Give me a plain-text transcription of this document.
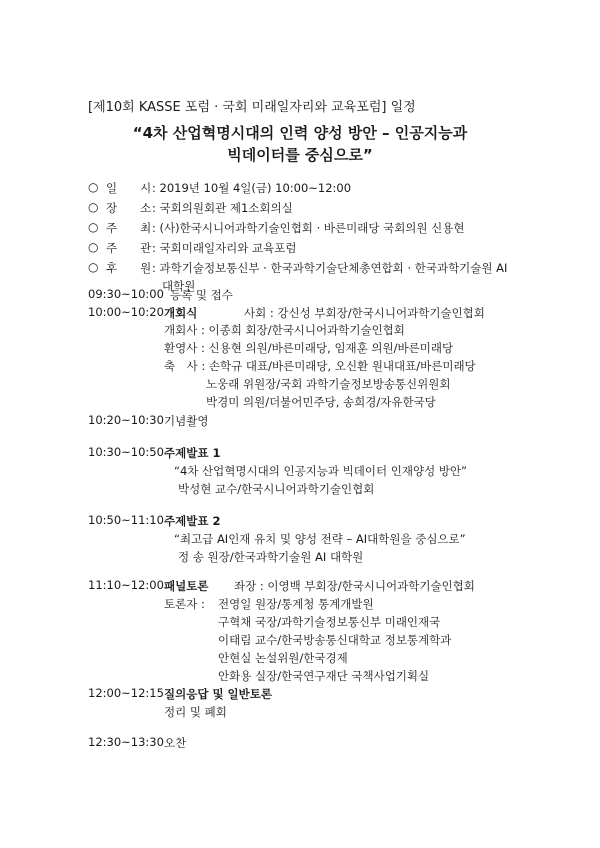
[제10회 KASSE 포럼 · 국회 미래일자리와 교육포럼] 일정
“4차 산업혁명시대의 인력 양성 방안 – 인공지능과
빅데이터를 중심으로”
○ 일　　시 : 2019년 10월 4일(금) 10:00~12:00
○ 장　　소 : 국회의원회관 제1소회의실
○ 주　　최 : (사)한국시니어과학기술인협회 · 바른미래당 국회의원 신용현
○ 주　　관 : 국회미래일자리와 교육포럼
○ 후　　원 : 과학기술정보통신부 · 한국과학기술단체총연합회 · 한국과학기술원 AI
대학원
09:30~10:00 등록 및 접수
10:00~10:20 개회식	사회 : 강신성 부회장/한국시니어과학기술인협회
개회사 : 이종희 회장/한국시니어과학기술인협회
환영사 : 신용현 의원/바른미래당, 임재훈 의원/바른미래당
축　사 : 손학규 대표/바른미래당, 오신환 원내대표/바른미래당
노웅래 위원장/국회 과학기술정보방송통신위원회
박경미 의원/더불어민주당, 송희경/자유한국당
10:20~10:30 기념촬영
10:30~10:50 주제발표 1
“4차 산업혁명시대의 인공지능과 빅데이터 인재양성 방안”
박성현 교수/한국시니어과학기술인협회
10:50~11:10 주제발표 2
“최고급 AI인재 유치 및 양성 전략 – AI대학원을 중심으로”
정 송 원장/한국과학기술원 AI 대학원
11:10~12:00 패널토론 좌장 : 이영백 부회장/한국시니어과학기술인협회
토론자 : 전영일 원장/통계청 통계개발원
구혁채 국장/과학기술정보통신부 미래인재국
이태림 교수/한국방송통신대학교 정보통계학과
안현실 논설위원/한국경제
안화용 실장/한국연구재단 국책사업기획실
12:00~12:15 질의응답 및 일반토론
정리 및 폐회
12:30~13:30 오찬
